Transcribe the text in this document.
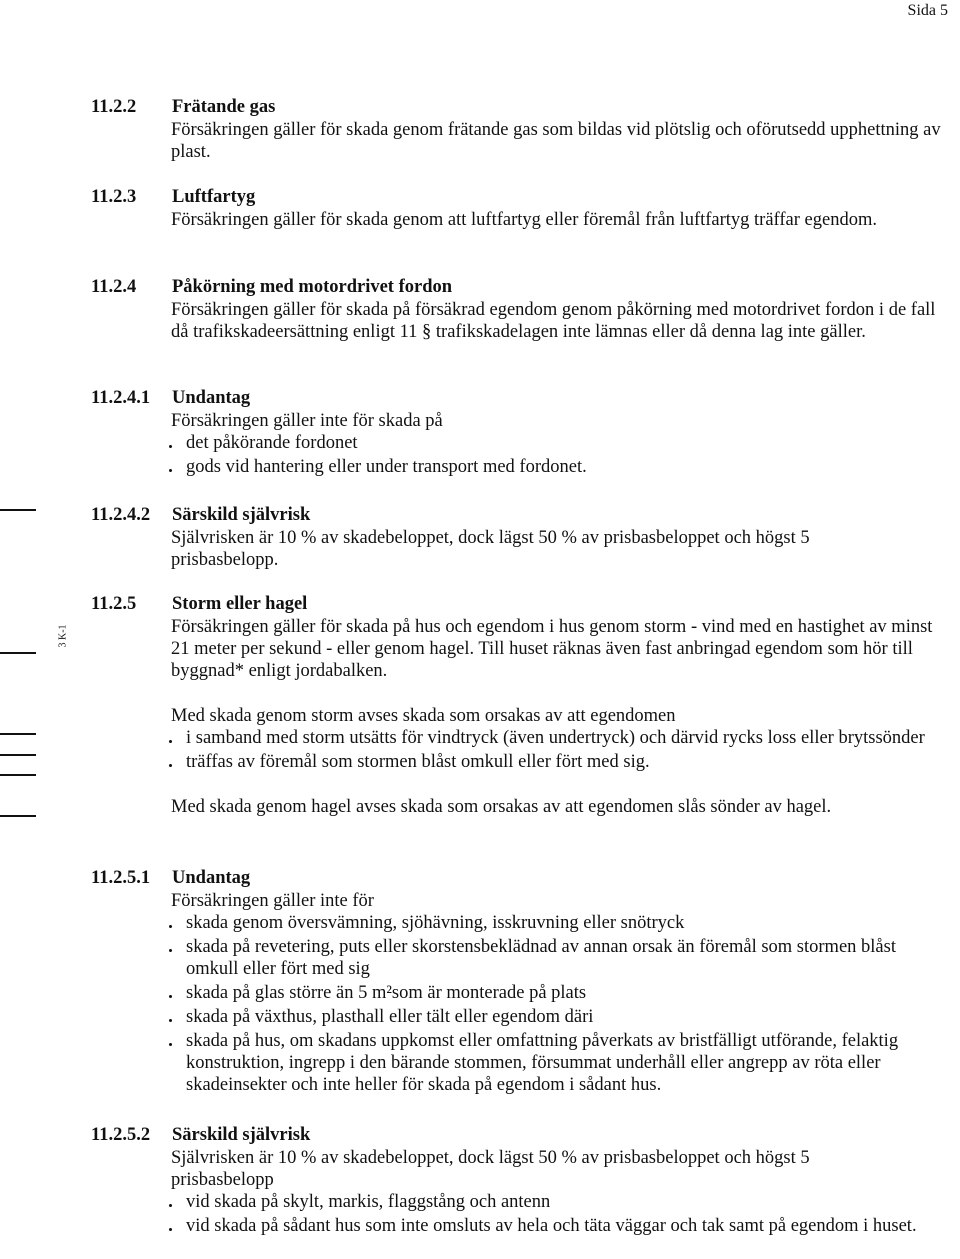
Sida 5
3 K-1
11.2.2 Frätande gas

Försäkringen gäller för skada genom frätande gas som bildas vid plötslig och oförutsedd upphettning av plast.

11.2.3 Luftfartyg

Försäkringen gäller för skada genom att luftfartyg eller föremål från luftfartyg träffar egendom.

11.2.4 Påkörning med motordrivet fordon

Försäkringen gäller för skada på försäkrad egendom genom påkörning med motordrivet fordon i de fall då trafikskadeersättning enligt 11 § trafikskadelagen inte lämnas eller då denna lag inte gäller.

11.2.4.1 Undantag

Försäkringen gäller inte för skada på

det påkörande fordonet
gods vid hantering eller under transport med fordonet.
11.2.4.2 Särskild självrisk

Självrisken är 10 % av skadebeloppet, dock lägst 50 % av prisbasbeloppet och högst 5 prisbasbelopp.

11.2.5 Storm eller hagel

Försäkringen gäller för skada på hus och egendom i hus genom storm - vind med en hastighet av minst 21 meter per sekund - eller genom hagel. Till huset räknas även fast anbringad egendom som hör till byggnad* enligt jordabalken.

Med skada genom storm avses skada som orsakas av att egendomen

i samband med storm utsätts för vindtryck (även undertryck) och därvid rycks loss eller brytssönder
träffas av föremål som stormen blåst omkull eller fört med sig.

Med skada genom hagel avses skada som orsakas av att egendomen slås sönder av hagel.

11.2.5.1 Undantag

Försäkringen gäller inte för

skada genom översvämning, sjöhävning, isskruvning eller snötryck
skada på revetering, puts eller skorstensbeklädnad av annan orsak än föremål som stormen blåst omkull eller fört med sig
skada på glas större än 5 m²som är monterade på plats
skada på växthus, plasthall eller tält eller egendom däri
skada på hus, om skadans uppkomst eller omfattning påverkats av bristfälligt utförande, felaktig konstruktion, ingrepp i den bärande stommen, försummat underhåll eller angrepp av röta eller skadeinsekter och inte heller för skada på egendom i sådant hus.
11.2.5.2 Särskild självrisk

Självrisken är 10 % av skadebeloppet, dock lägst 50 % av prisbasbeloppet och högst 5 prisbasbelopp

vid skada på skylt, markis, flaggstång och antenn
vid skada på sådant hus som inte omsluts av hela och täta väggar och tak samt på egendom i huset.
